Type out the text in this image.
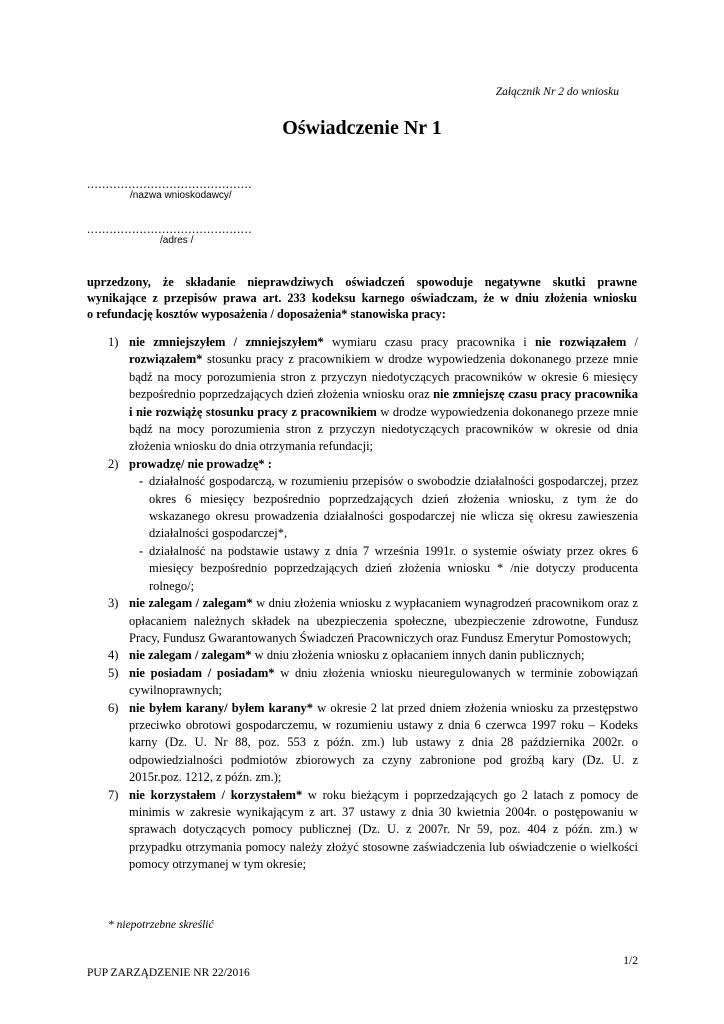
Załącznik Nr 2 do wniosku
Oświadczenie Nr 1
............................................
/nazwa wnioskodawcy/
............................................
/adres /
uprzedzony, że składanie nieprawdziwych oświadczeń spowoduje negatywne skutki prawne
wynikające z przepisów prawa art. 233 kodeksu karnego oświadczam, że w dniu złożenia wniosku
o refundację kosztów wyposażenia / doposażenia* stanowiska pracy:
1) nie zmniejszyłem / zmniejszyłem* wymiaru czasu pracy pracownika i nie rozwiązałem / rozwiązałem* stosunku pracy z pracownikiem w drodze wypowiedzenia dokonanego przeze mnie bądź na mocy porozumienia stron z przyczyn niedotyczących pracowników w okresie 6 miesięcy bezpośrednio poprzedzających dzień złożenia wniosku oraz nie zmniejszę czasu pracy pracownika i nie rozwiążę stosunku pracy z pracownikiem w drodze wypowiedzenia dokonanego przeze mnie bądź na mocy porozumienia stron z przyczyn niedotyczących pracowników w okresie od dnia złożenia wniosku do dnia otrzymania refundacji;
2) prowadzę/ nie prowadzę* :
- działalność gospodarczą, w rozumieniu przepisów o swobodzie działalności gospodarczej, przez okres 6 miesięcy bezpośrednio poprzedzających dzień złożenia wniosku, z tym że do wskazanego okresu prowadzenia działalności gospodarczej nie wlicza się okresu zawieszenia działalności gospodarczej*,
- działalność na podstawie ustawy z dnia 7 września 1991r. o systemie oświaty przez okres 6 miesięcy bezpośrednio poprzedzających dzień złożenia wniosku * /nie dotyczy producenta rolnego/;
3) nie zalegam / zalegam* w dniu złożenia wniosku z wypłacaniem wynagrodzeń pracownikom oraz z opłacaniem należnych składek na ubezpieczenia społeczne, ubezpieczenie zdrowotne, Fundusz Pracy, Fundusz Gwarantowanych Świadczeń Pracowniczych oraz Fundusz Emerytur Pomostowych;
4) nie zalegam / zalegam* w dniu złożenia wniosku z opłacaniem innych danin publicznych;
5) nie posiadam / posiadam* w dniu złożenia wniosku nieuregulowanych w terminie zobowiązań cywilnoprawnych;
6) nie byłem karany/ byłem karany* w okresie 2 lat przed dniem złożenia wniosku za przestępstwo przeciwko obrotowi gospodarczemu, w rozumieniu ustawy z dnia 6 czerwca 1997 roku – Kodeks karny (Dz. U. Nr 88, poz. 553 z późn. zm.) lub ustawy z dnia 28 października 2002r. o odpowiedzialności podmiotów zbiorowych za czyny zabronione pod groźbą kary (Dz. U. z 2015r.poz. 1212, z późn. zm.);
7) nie korzystałem / korzystałem* w roku bieżącym i poprzedzających go 2 latach z pomocy de minimis w zakresie wynikającym z art. 37 ustawy z dnia 30 kwietnia 2004r. o postępowaniu w sprawach dotyczących pomocy publicznej (Dz. U. z 2007r. Nr 59, poz. 404 z późn. zm.) w przypadku otrzymania pomocy należy złożyć stosowne zaświadczenia lub oświadczenie o wielkości pomocy otrzymanej w tym okresie;
* niepotrzebne skreślić
1/2
PUP ZARZĄDZENIE NR 22/2016
